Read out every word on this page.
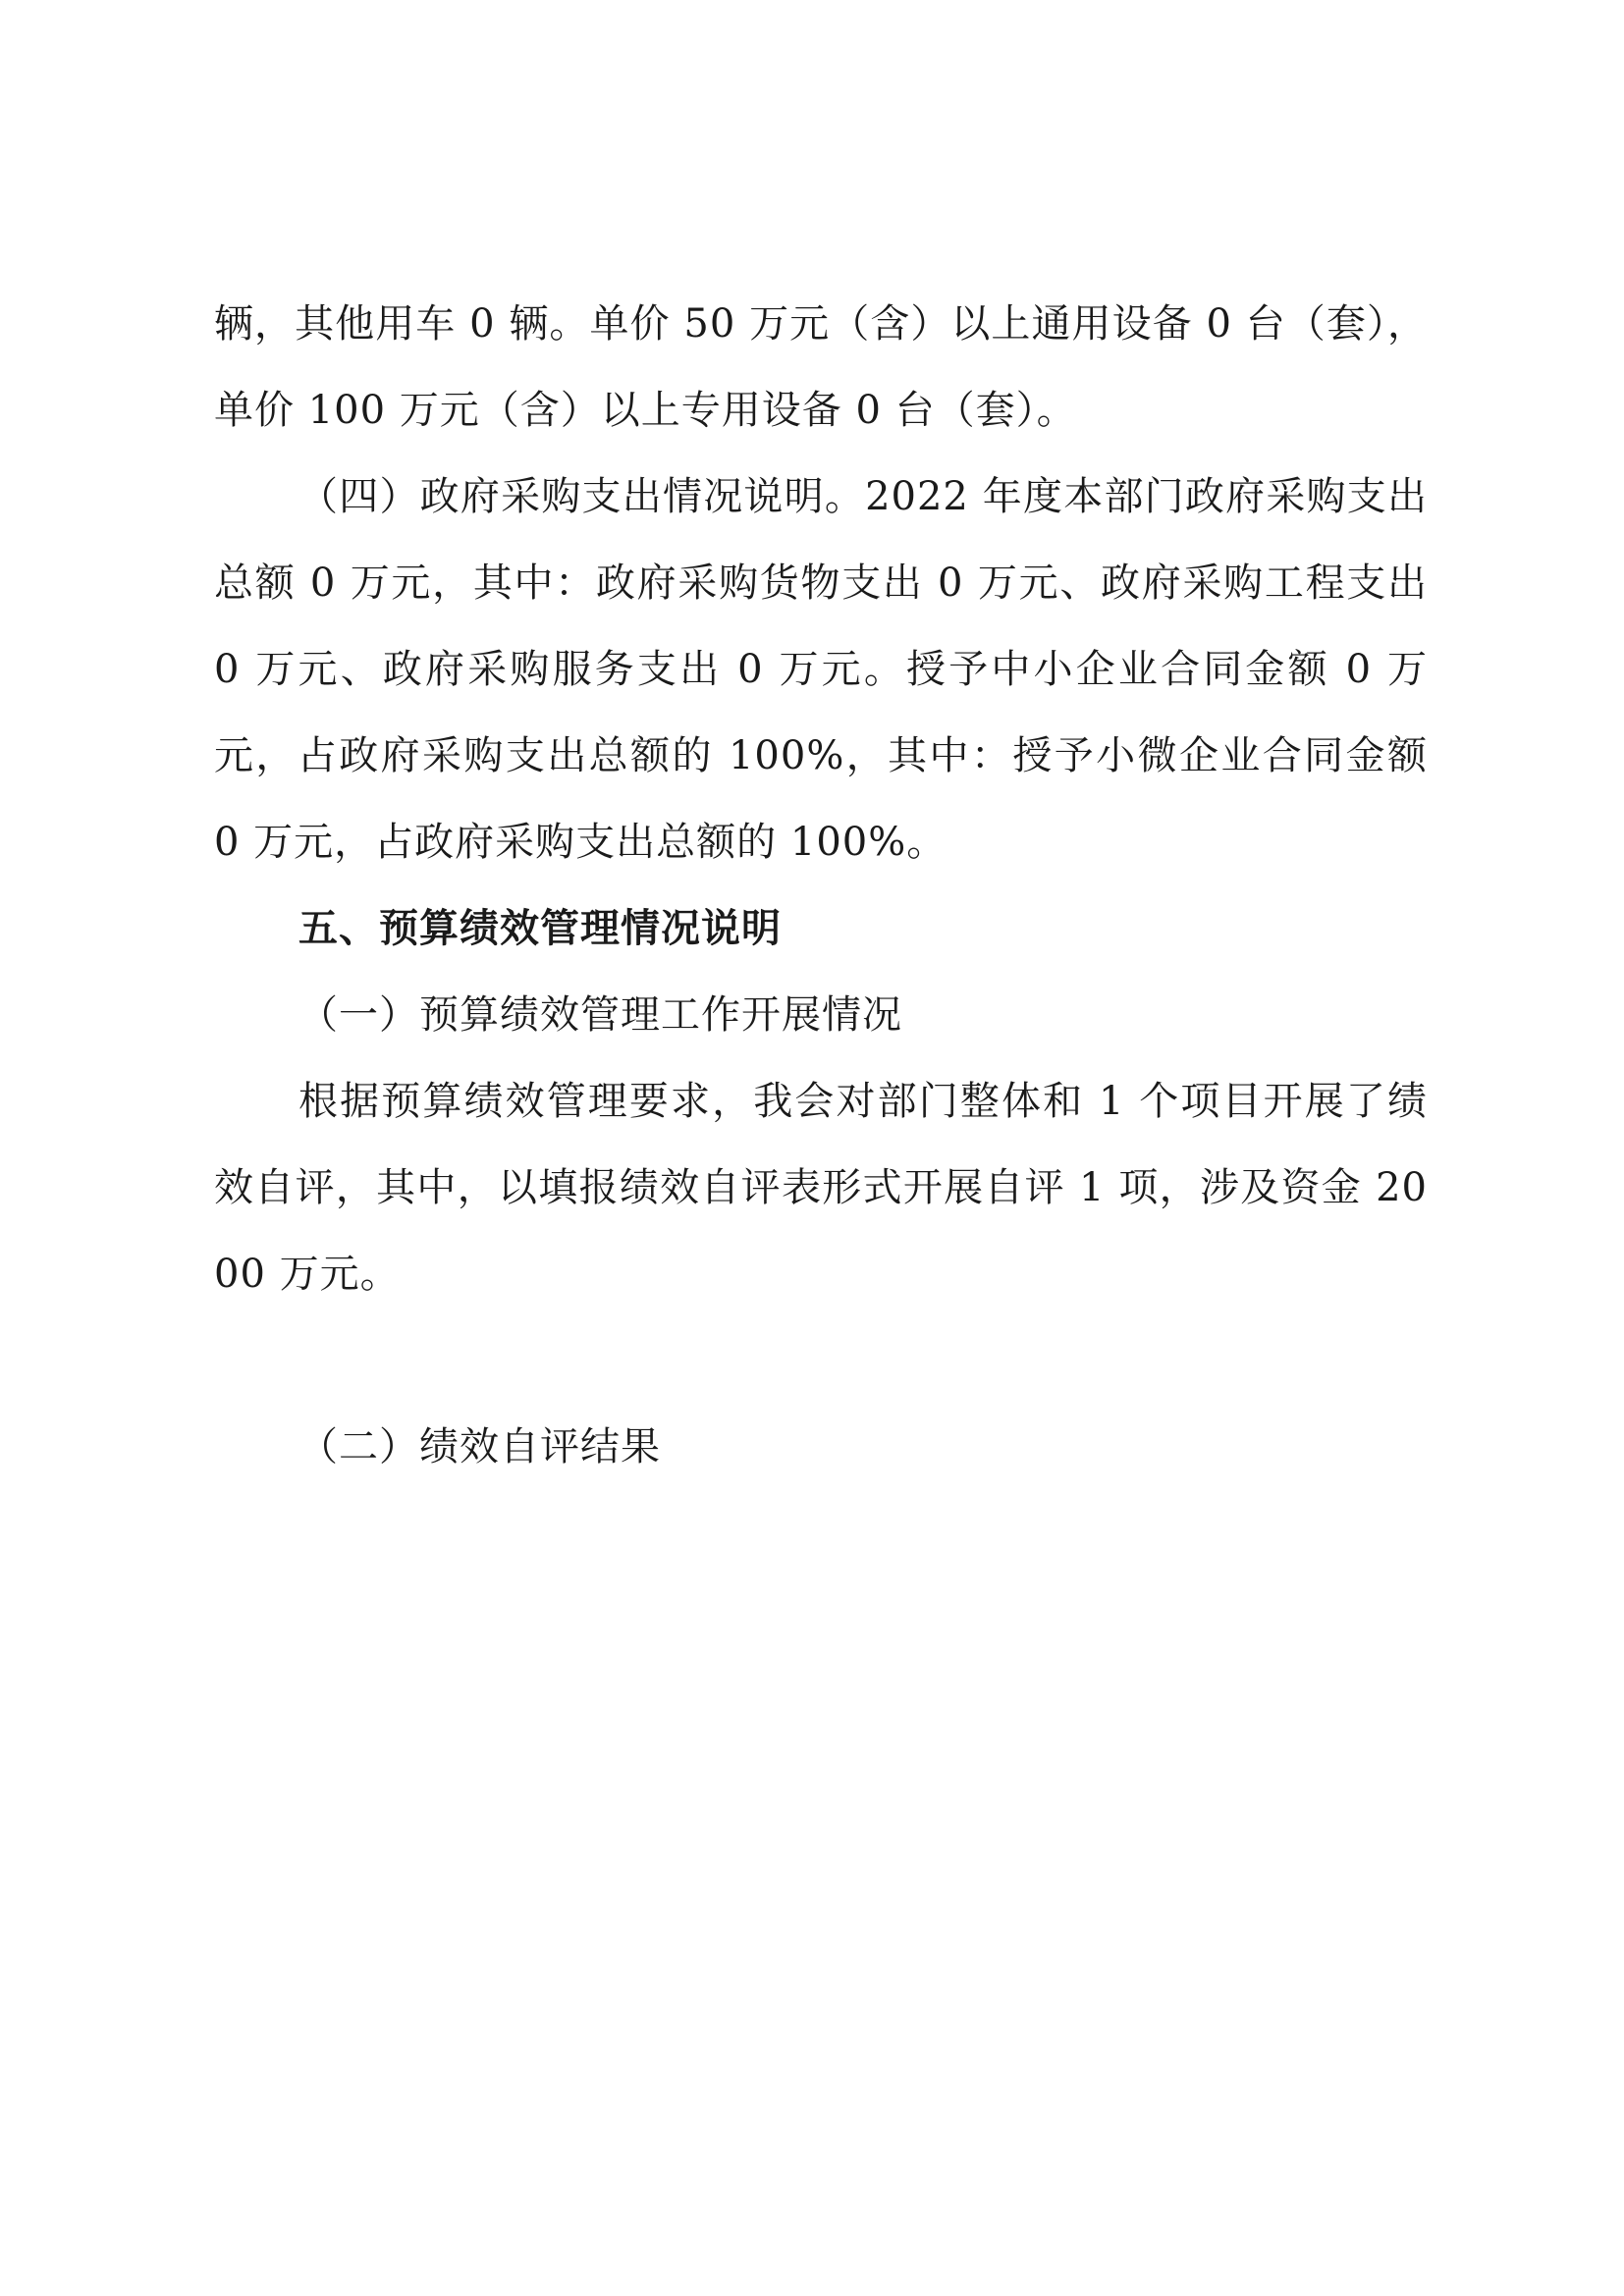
辆，其他用车 0 辆。单价 50 万元（含）以上通用设备 0 台（套），单价 100 万元（含）以上专用设备 0 台（套）。

（四）政府采购支出情况说明。2022 年度本部门政府采购支出总额 0 万元，其中：政府采购货物支出 0 万元、政府采购工程支出 0 万元、政府采购服务支出 0 万元。授予中小企业合同金额 0 万元，占政府采购支出总额的 100%，其中：授予小微企业合同金额 0 万元，占政府采购支出总额的 100%。

五、预算绩效管理情况说明

（一）预算绩效管理工作开展情况

根据预算绩效管理要求，我会对部门整体和 1 个项目开展了绩效自评，其中，以填报绩效自评表形式开展自评 1 项，涉及资金 2000 万元。

（二）绩效自评结果
